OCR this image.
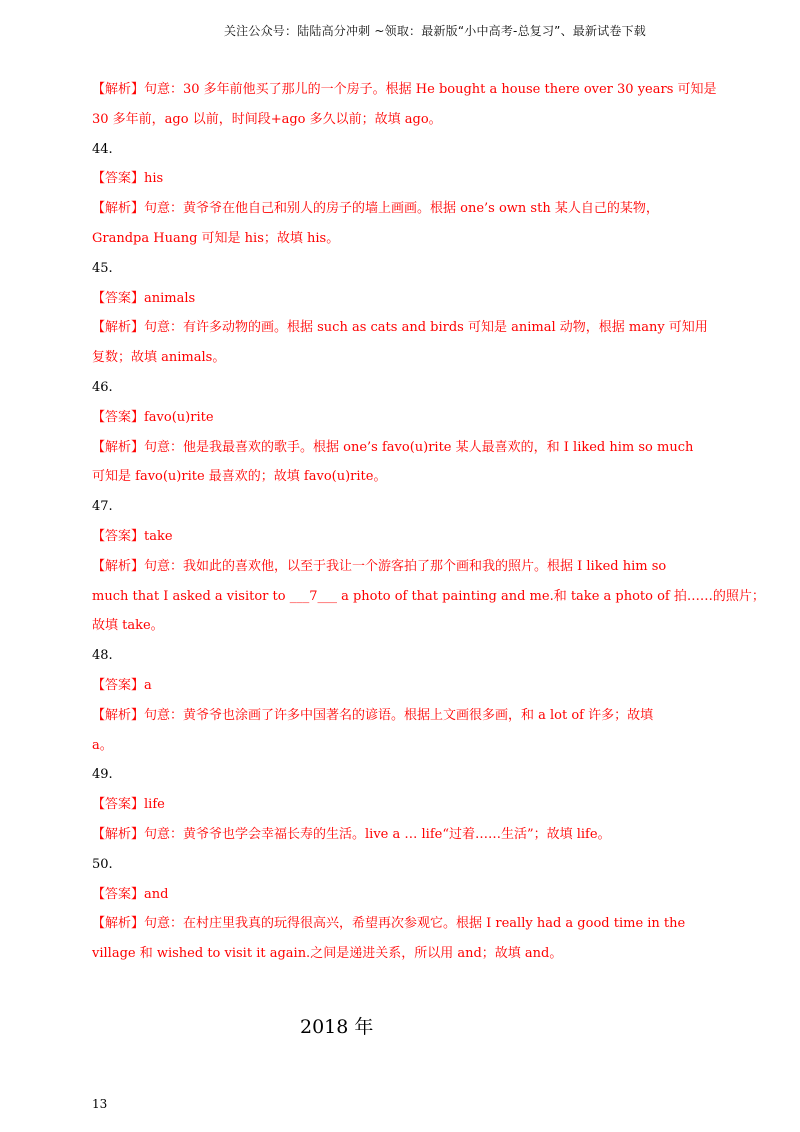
关注公众号：陆陆高分冲刺 ~领取：最新版“小中高考-总复习”、最新试卷下载
【解析】句意：30 多年前他买了那儿的一个房子。根据 He bought a house there over 30 years 可知是
30 多年前，ago 以前，时间段+ago 多久以前；故填 ago。
44.
【答案】his
【解析】句意：黄爷爷在他自己和别人的房子的墙上画画。根据 one’s own sth 某人自己的某物，
Grandpa Huang 可知是 his；故填 his。
45.
【答案】animals
【解析】句意：有许多动物的画。根据 such as cats and birds 可知是 animal 动物，根据 many 可知用
复数；故填 animals。
46.
【答案】favo(u)rite
【解析】句意：他是我最喜欢的歌手。根据 one’s favo(u)rite 某人最喜欢的，和 I liked him so much
可知是 favo(u)rite 最喜欢的；故填 favo(u)rite。
47.
【答案】take
【解析】句意：我如此的喜欢他，以至于我让一个游客拍了那个画和我的照片。根据 I liked him so
much that I asked a visitor to ___7___ a photo of that painting and me.和 take a photo of 拍……的照片；
故填 take。
48.
【答案】a
【解析】句意：黄爷爷也涂画了许多中国著名的谚语。根据上文画很多画，和 a lot of 许多；故填
a。
49.
【答案】life
【解析】句意：黄爷爷也学会幸福长寿的生活。live a … life“过着……生活”；故填 life。
50.
【答案】and
【解析】句意：在村庄里我真的玩得很高兴，希望再次参观它。根据 I really had a good time in the
village 和 wished to visit it again.之间是递进关系，所以用 and；故填 and。
2018 年
13
